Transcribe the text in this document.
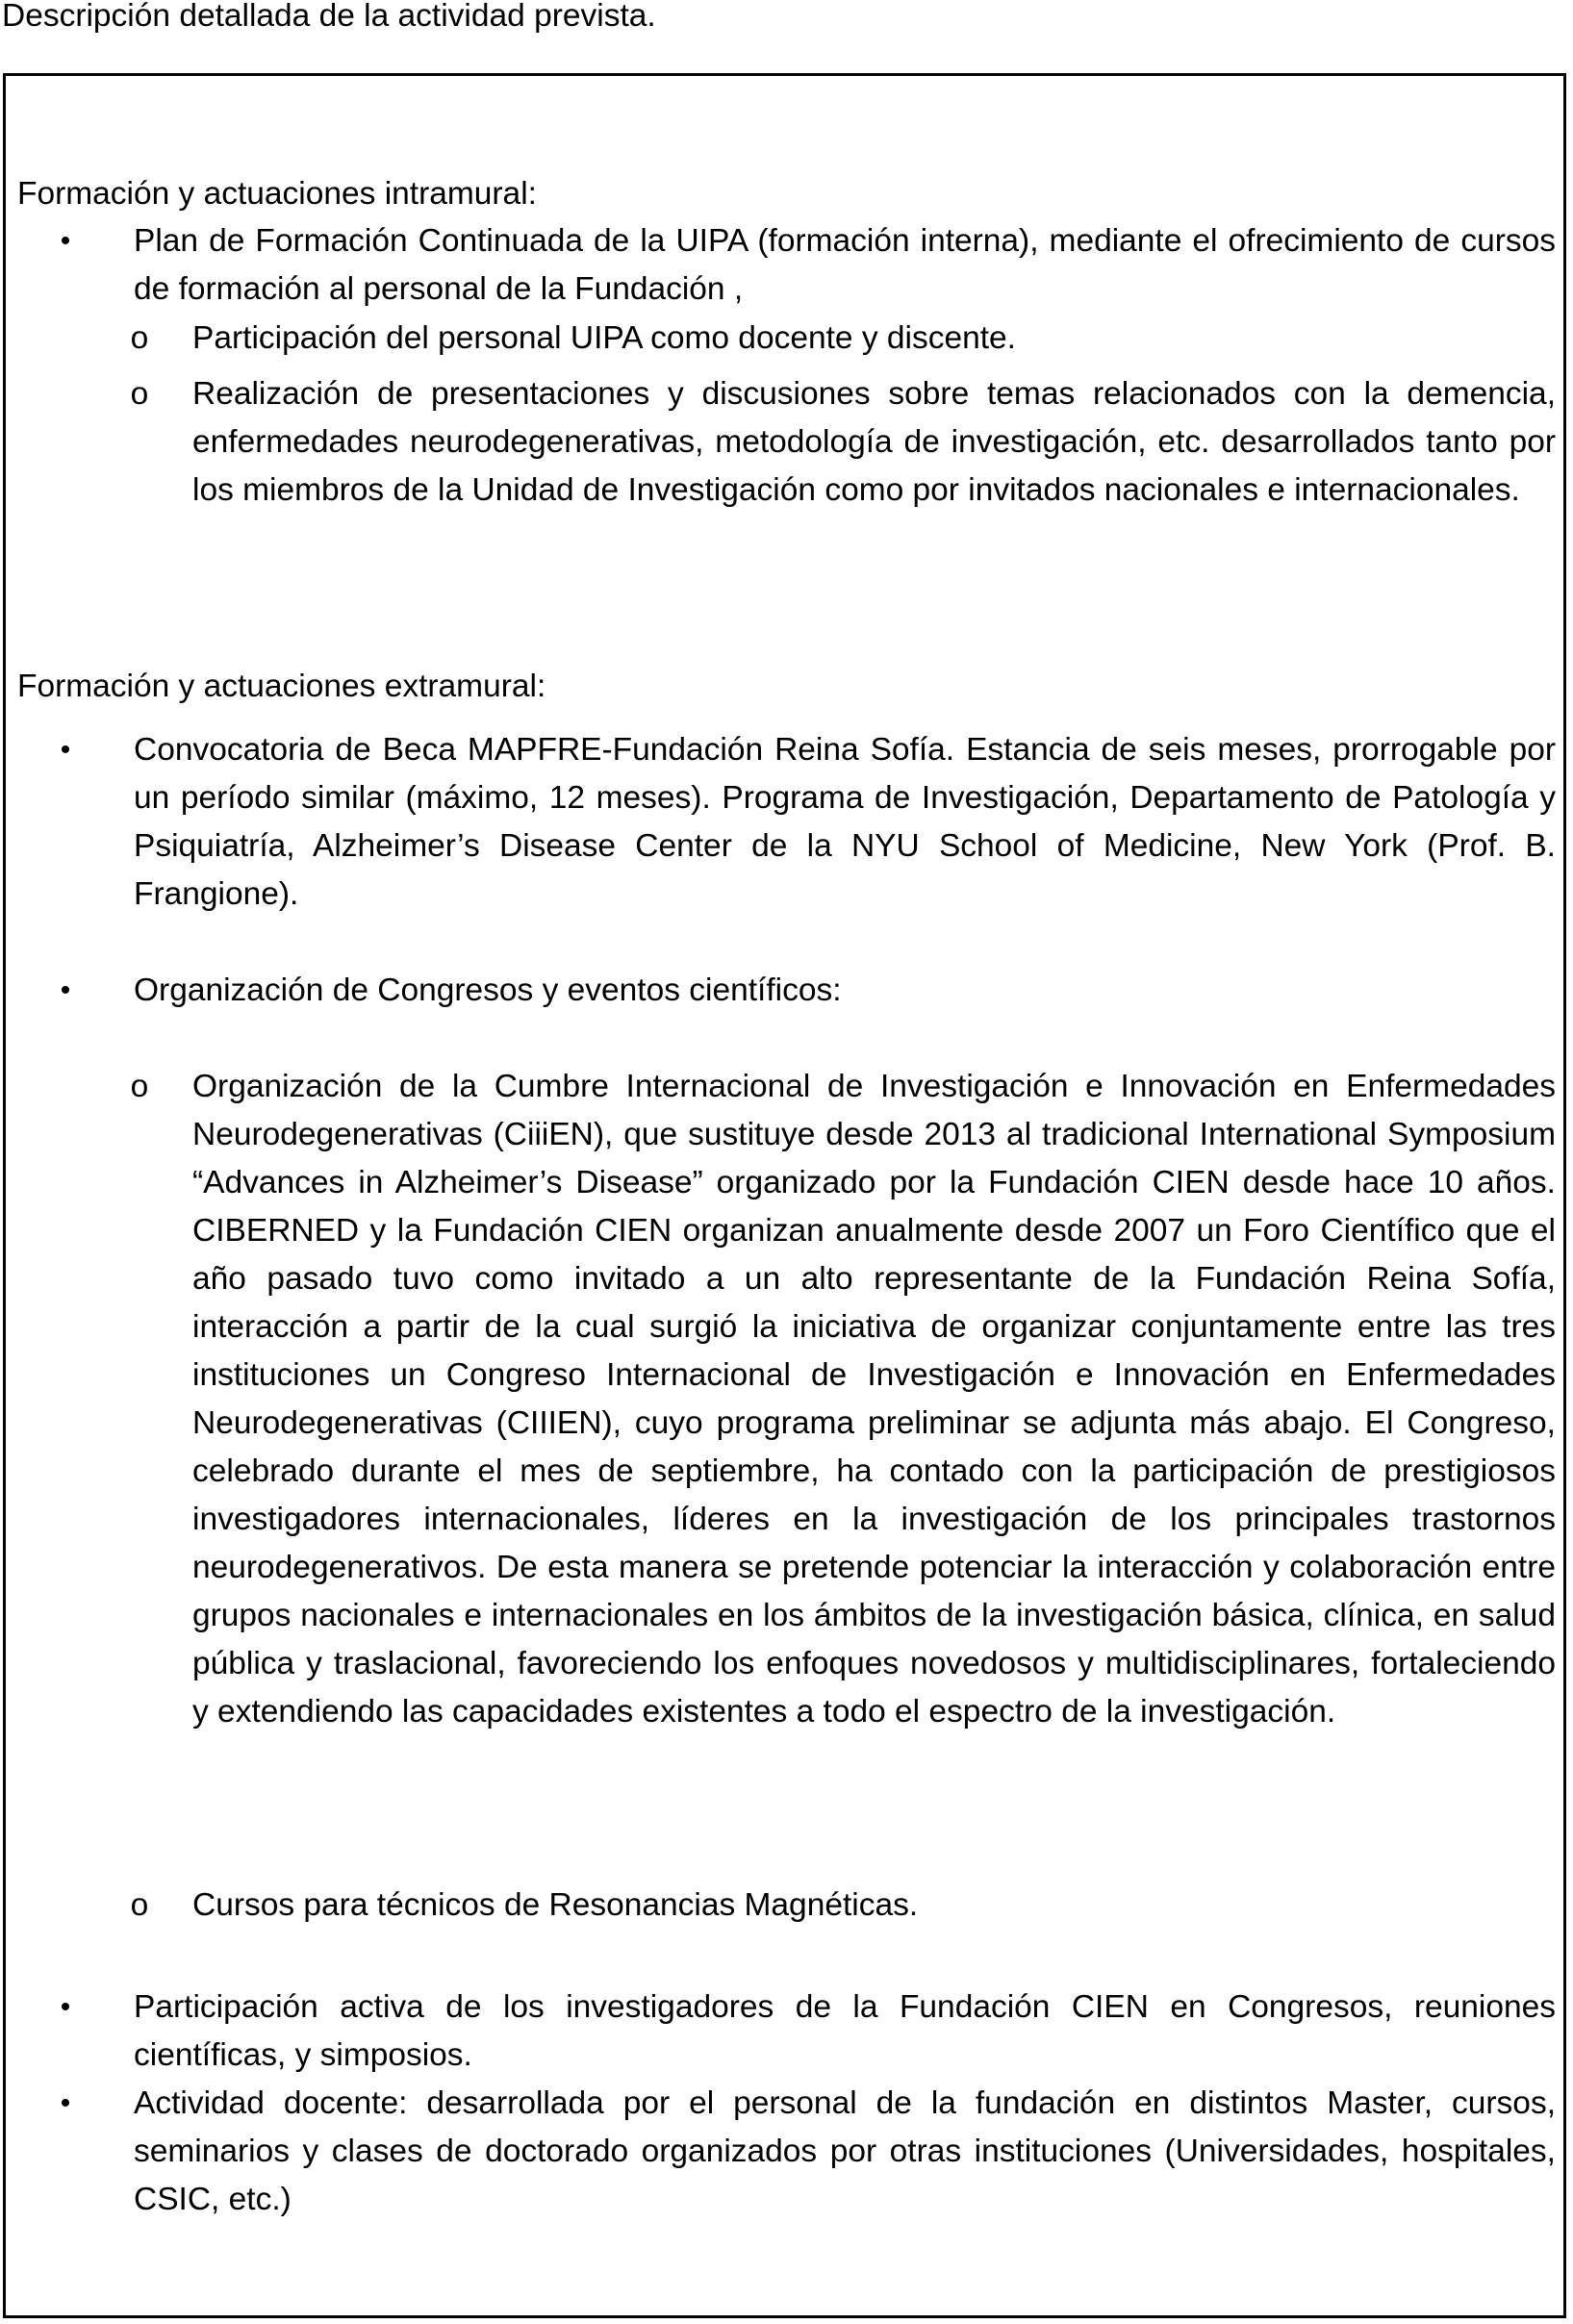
Descripción detallada de la actividad prevista.

Formación y actuaciones intramural:

• Plan de Formación Continuada de la UIPA (formación interna), mediante el ofrecimiento de cursos de formación al personal de la Fundación ,
o Participación del personal UIPA como docente y discente.
o Realización de presentaciones y discusiones sobre temas relacionados con la demencia, enfermedades neurodegenerativas, metodología de investigación, etc. desarrollados tanto por los miembros de la Unidad de Investigación como por invitados nacionales e internacionales.

Formación y actuaciones extramural:

• Convocatoria de Beca MAPFRE-Fundación Reina Sofía. Estancia de seis meses, prorrogable por un período similar (máximo, 12 meses). Programa de Investigación, Departamento de Patología y Psiquiatría, Alzheimer’s Disease Center de la NYU School of Medicine, New York (Prof. B. Frangione).
• Organización de Congresos y eventos científicos:
o Organización de la Cumbre Internacional de Investigación e Innovación en Enfermedades Neurodegenerativas (CiiiEN), que sustituye desde 2013 al tradicional International Symposium “Advances in Alzheimer’s Disease” organizado por la Fundación CIEN desde hace 10 años. CIBERNED y la Fundación CIEN organizan anualmente desde 2007 un Foro Científico que el año pasado tuvo como invitado a un alto representante de la Fundación Reina Sofía, interacción a partir de la cual surgió la iniciativa de organizar conjuntamente entre las tres instituciones un Congreso Internacional de Investigación e Innovación en Enfermedades Neurodegenerativas (CIIIEN), cuyo programa preliminar se adjunta más abajo. El Congreso, celebrado durante el mes de septiembre, ha contado con la participación de prestigiosos investigadores internacionales, líderes en la investigación de los principales trastornos neurodegenerativos. De esta manera se pretende potenciar la interacción y colaboración entre grupos nacionales e internacionales en los ámbitos de la investigación básica, clínica, en salud pública y traslacional, favoreciendo los enfoques novedosos y multidisciplinares, fortaleciendo y extendiendo las capacidades existentes a todo el espectro de la investigación.
o Cursos para técnicos de Resonancias Magnéticas.
• Participación activa de los investigadores de la Fundación CIEN en Congresos, reuniones científicas, y simposios.
• Actividad docente: desarrollada por el personal de la fundación en distintos Master, cursos, seminarios y clases de doctorado organizados por otras instituciones (Universidades, hospitales, CSIC, etc.)
